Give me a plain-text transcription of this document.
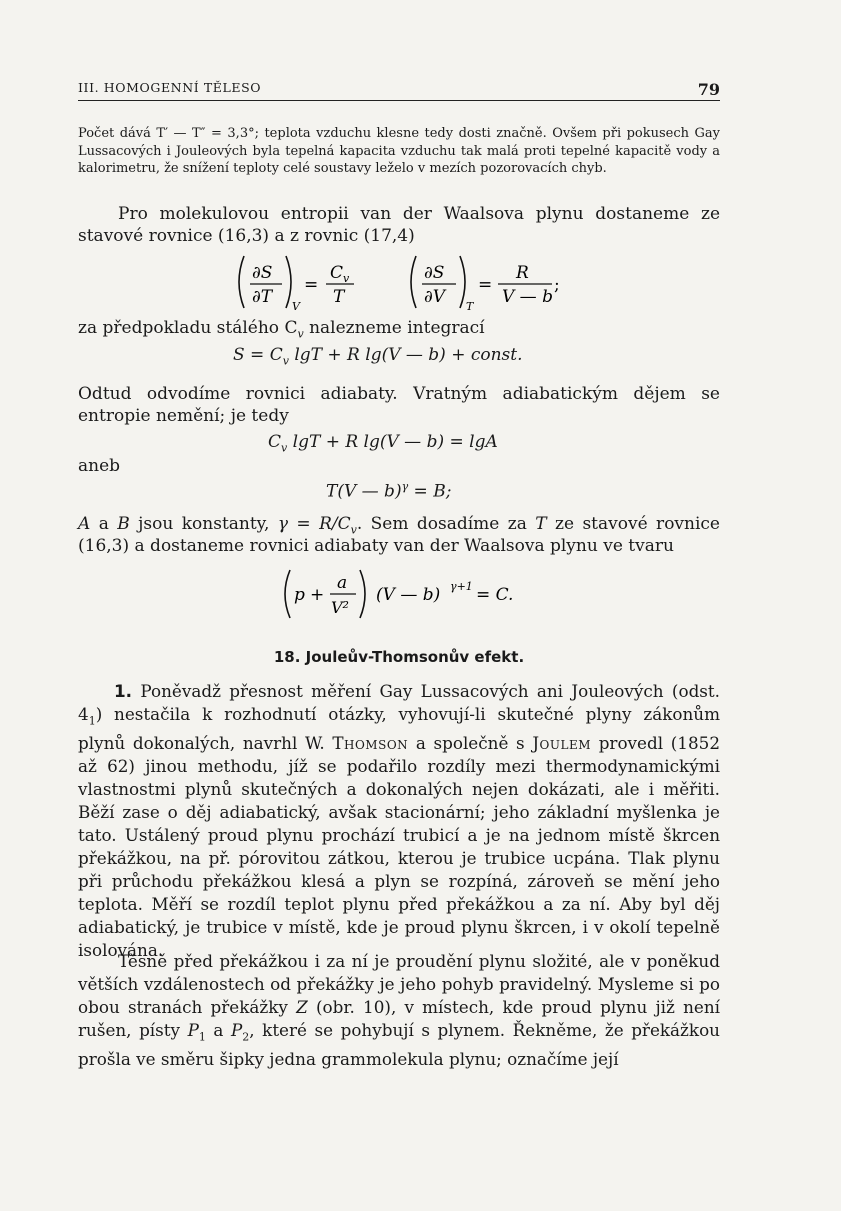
III. HOMOGENNÍ TĚLESO	79
Počet dává T′ — T″ = 3,3°; teplota vzduchu klesne tedy dosti značně. Ovšem při pokusech Gay Lussacových i Jouleových byla tepelná kapacita vzduchu tak malá proti tepelné kapacitě vody a kalorimetru, že snížení teploty celé soustavy leželo v mezích pozorovacích chyb.
Pro molekulovou entropii van der Waalsova plynu dostaneme ze
stavové rovnice (16,3) a z rovnic (17,4)
∂S
∂T V
=
C v
T
∂S
∂V T
=
R
V — b
;
za předpokladu stálého $C_v$ nalezneme integrací
$S = C_v$ lgT + R lg(V — b) + const.
Odtud odvodíme rovnici adiabaty. Vratným adiabatickým dějem se
entropie nemění; je tedy
$C_v$ lgT + R lg(V — b) = lgA
aneb
T(V — b)$^\gamma$ = B;
A a B jsou konstanty, $\gamma = R/C_v$. Sem dosadíme za T ze stavové rovnice
(16,3) a dostaneme rovnici adiabaty van der Waalsova plynu ve tvaru
p +
a
V²
(V — b) γ+1 = C.
18. Jouleův-Thomsonův efekt.
1. Poněvadž přesnost měření Gay Lussacových ani Jouleových (odst. $4_1$) nestačila k rozhodnutí otázky, vyhovují-li skutečné plyny zákonům plynů dokonalých, navrhl W. Thomson a společně s Joulem provedl (1852 až 62) jinou methodu, jíž se podařilo rozdíly mezi thermodynamickými vlastnostmi plynů skutečných a dokonalých nejen dokázati, ale i měřiti. Běží zase o děj adiabatický, avšak stacionární; jeho základní myšlenka je tato. Ustálený proud plynu prochází trubicí a je na jednom místě škrcen překážkou, na př. pórovitou zátkou, kterou je trubice ucpána. Tlak plynu při průchodu překážkou klesá a plyn se rozpíná, zároveň se mění jeho teplota. Měří se rozdíl teplot plynu před překážkou a za ní. Aby byl děj adiabatický, je trubice v místě, kde je proud plynu škrcen, i v okolí tepelně isolována.
Těsně před překážkou i za ní je proudění plynu složité, ale v poněkud větších vzdálenostech od překážky je jeho pohyb pravidelný. Mysleme si po obou stranách překážky Z (obr. 10), v místech, kde proud plynu již není rušen, písty $P_1$ a $P_2$, které se pohybují s plynem. Řekněme, že překážkou prošla ve směru šipky jedna grammolekula plynu; označíme její
